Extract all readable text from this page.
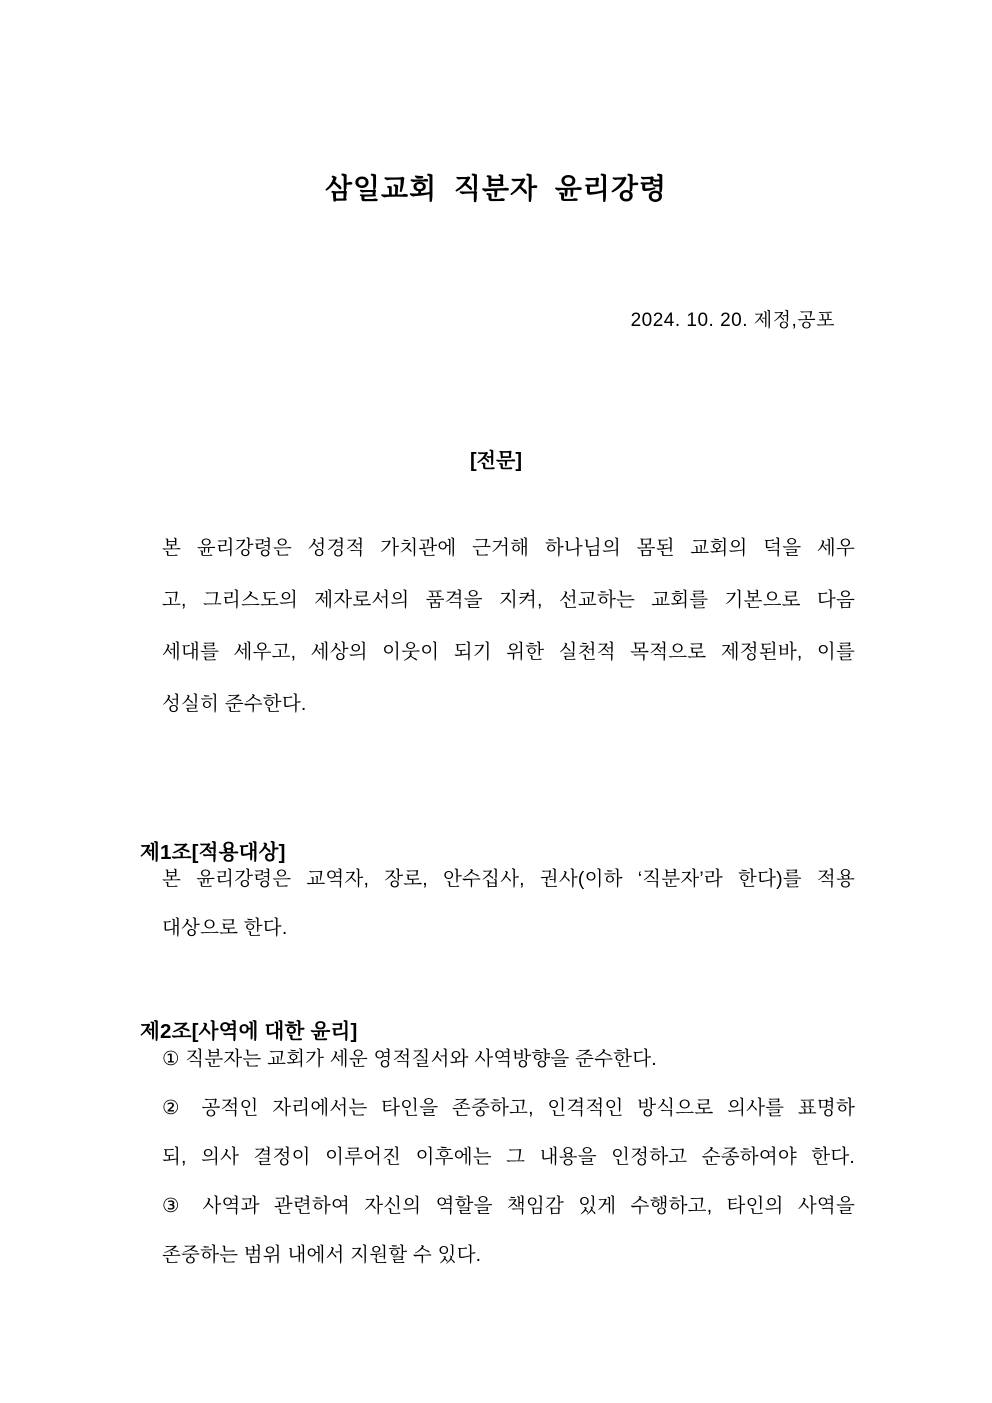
삼일교회 직분자 윤리강령
2024. 10. 20. 제정,공포
[전문]
본 윤리강령은 성경적 가치관에 근거해 하나님의 몸된 교회의 덕을 세우
고, 그리스도의 제자로서의 품격을 지켜, 선교하는 교회를 기본으로 다음
세대를 세우고, 세상의 이웃이 되기 위한 실천적 목적으로 제정된바, 이를
성실히 준수한다.
제1조[적용대상]
본 윤리강령은 교역자, 장로, 안수집사, 권사(이하 ‘직분자’라 한다)를 적용
대상으로 한다.
제2조[사역에 대한 윤리]
① 직분자는 교회가 세운 영적질서와 사역방향을 준수한다.
② 공적인 자리에서는 타인을 존중하고, 인격적인 방식으로 의사를 표명하
되, 의사 결정이 이루어진 이후에는 그 내용을 인정하고 순종하여야 한다.
③ 사역과 관련하여 자신의 역할을 책임감 있게 수행하고, 타인의 사역을
존중하는 범위 내에서 지원할 수 있다.
